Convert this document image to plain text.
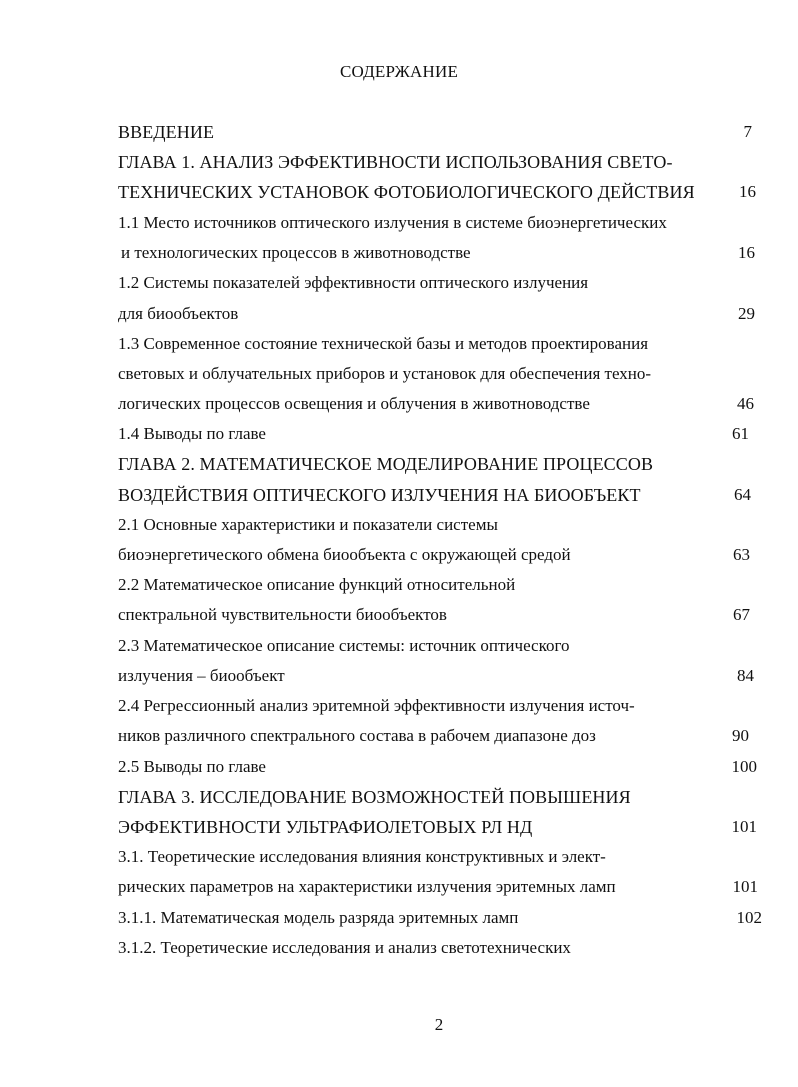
СОДЕРЖАНИЕ
ВВЕДЕНИЕ	7
ГЛАВА 1. АНАЛИЗ ЭФФЕКТИВНОСТИ ИСПОЛЬЗОВАНИЯ СВЕТО-
ТЕХНИЧЕСКИХ УСТАНОВОК ФОТОБИОЛОГИЧЕСКОГО ДЕЙСТВИЯ	16
1.1 Место источников оптического излучения в системе биоэнергетических
и технологических процессов в животноводстве	16
1.2 Системы показателей эффективности оптического излучения
для биообъектов	29
1.3 Современное состояние технической базы и методов проектирования
световых и облучательных приборов и установок для обеспечения техно-
логических процессов освещения и облучения в животноводстве	46
1.4 Выводы по главе	61
ГЛАВА 2. МАТЕМАТИЧЕСКОЕ МОДЕЛИРОВАНИЕ ПРОЦЕССОВ
ВОЗДЕЙСТВИЯ ОПТИЧЕСКОГО ИЗЛУЧЕНИЯ НА БИООБЪЕКТ	64
2.1 Основные характеристики и показатели системы
биоэнергетического обмена биообъекта с окружающей средой	63
2.2 Математическое описание функций относительной
спектральной чувствительности биообъектов	67
2.3 Математическое описание системы: источник оптического
излучения – биообъект	84
2.4 Регрессионный анализ эритемной эффективности излучения источ-
ников различного спектрального состава в рабочем диапазоне доз	90
2.5 Выводы по главе	100
ГЛАВА 3. ИССЛЕДОВАНИЕ ВОЗМОЖНОСТЕЙ ПОВЫШЕНИЯ
ЭФФЕКТИВНОСТИ УЛЬТРАФИОЛЕТОВЫХ РЛ НД	101
3.1. Теоретические исследования влияния конструктивных и элект-
рических параметров на характеристики излучения эритемных ламп	101
3.1.1. Математическая модель разряда эритемных ламп	102
3.1.2. Теоретические исследования и анализ светотехнических
2
